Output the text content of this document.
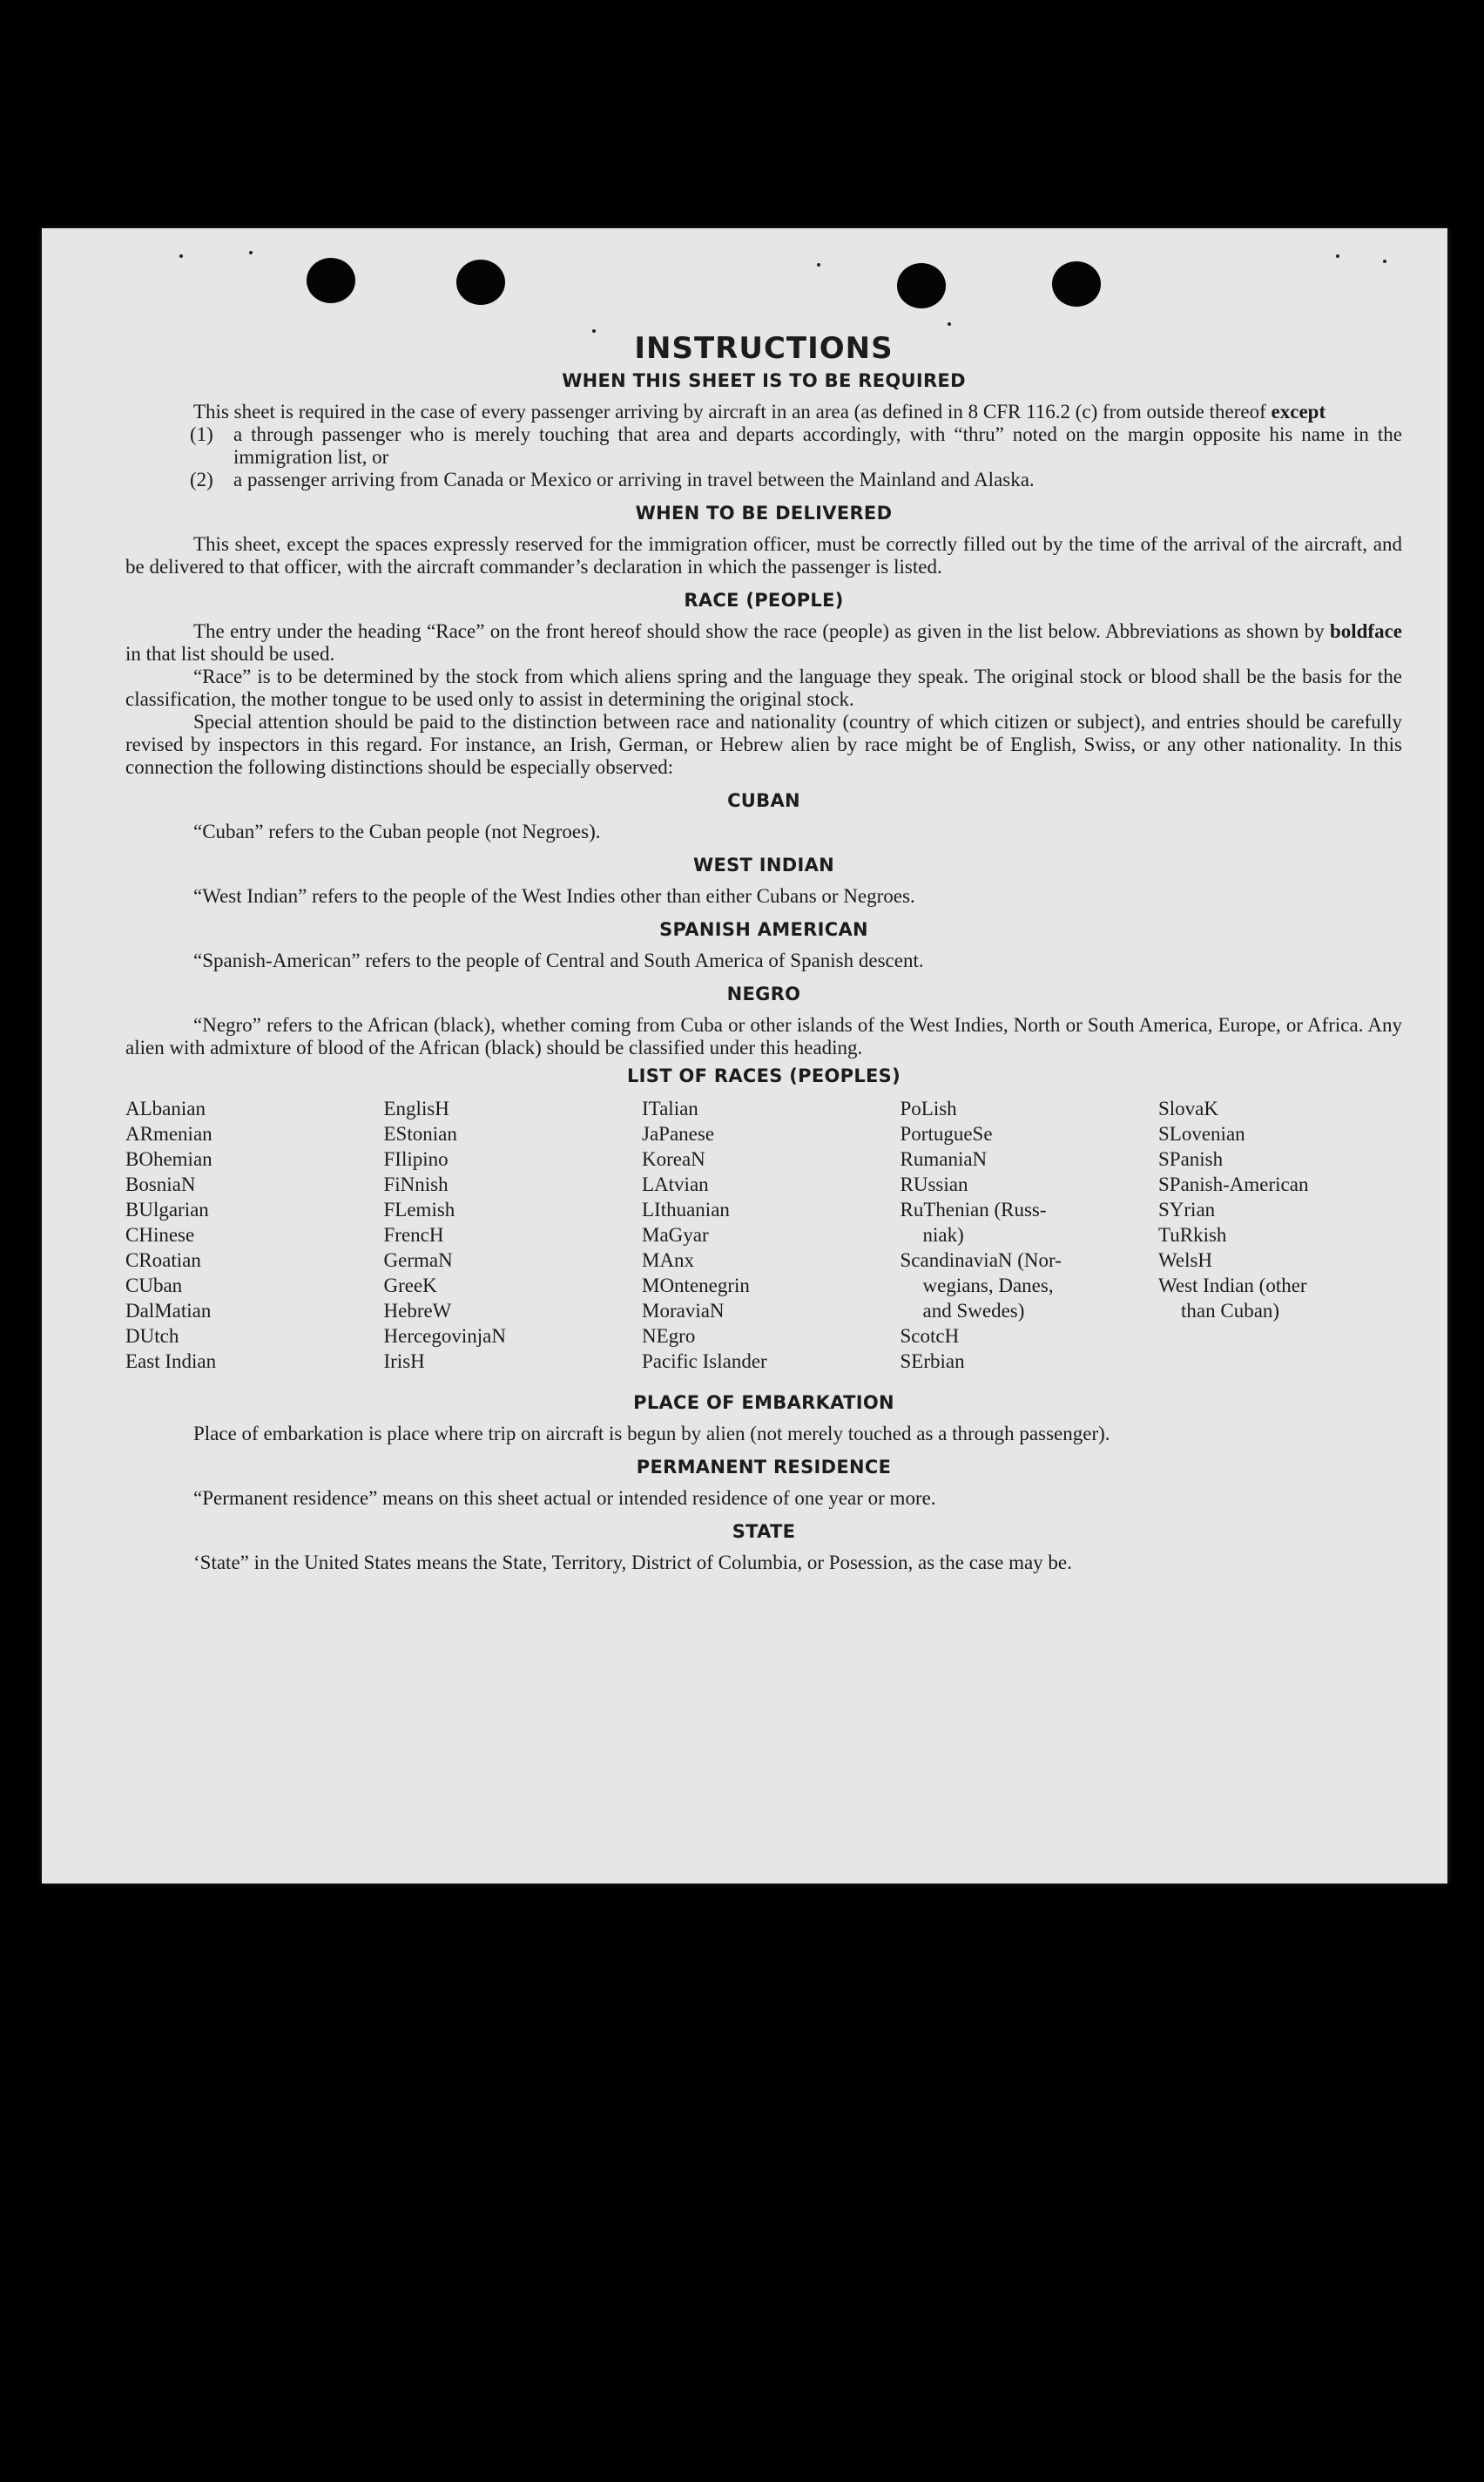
INSTRUCTIONS
WHEN THIS SHEET IS TO BE REQUIRED

This sheet is required in the case of every passenger arriving by aircraft in an area (as defined in 8 CFR 116.2 (c) from outside thereof except

(1) a through passenger who is merely touching that area and departs accordingly, with “thru” noted on the margin opposite his name in the immigration list, or
(2) a passenger arriving from Canada or Mexico or arriving in travel between the Mainland and Alaska.
WHEN TO BE DELIVERED

This sheet, except the spaces expressly reserved for the immigration officer, must be correctly filled out by the time of the arrival of the aircraft, and be delivered to that officer, with the aircraft commander’s declaration in which the passenger is listed.

RACE (PEOPLE)

The entry under the heading “Race” on the front hereof should show the race (people) as given in the list below. Abbreviations as shown by boldface in that list should be used.

“Race” is to be determined by the stock from which aliens spring and the language they speak. The original stock or blood shall be the basis for the classification, the mother tongue to be used only to assist in determining the original stock.

Special attention should be paid to the distinction between race and nationality (country of which citizen or subject), and entries should be carefully revised by inspectors in this regard. For instance, an Irish, German, or Hebrew alien by race might be of English, Swiss, or any other nationality. In this connection the following distinctions should be especially observed:

CUBAN

“Cuban” refers to the Cuban people (not Negroes).

WEST INDIAN

“West Indian” refers to the people of the West Indies other than either Cubans or Negroes.

SPANISH AMERICAN

“Spanish-American” refers to the people of Central and South America of Spanish descent.

NEGRO

“Negro” refers to the African (black), whether coming from Cuba or other islands of the West Indies, North or South America, Europe, or Africa. Any alien with admixture of blood of the African (black) should be classified under this heading.

LIST OF RACES (PEOPLES)
ALbanian
ARmenian
BOhemian
BosniaN
BUlgarian
CHinese
CRoatian
CUban
DalMatian
DUtch
East Indian
EnglisH
EStonian
FIlipino
FiNnish
FLemish
FrencH
GermaN
GreeK
HebreW
HercegovinjaN
IrisH
ITalian
JaPanese
KoreaN
LAtvian
LIthuanian
MaGyar
MAnx
MOntenegrin
MoraviaN
NEgro
Pacific Islander
PoLish
PortugueSe
RumaniaN
RUssian
RuThenian (Russ-
niak)
ScandinaviaN (Nor-
wegians, Danes,
and Swedes)
ScotcH
SErbian
SlovaK
SLovenian
SPanish
SPanish-American
SYrian
TuRkish
WelsH
West Indian (other
than Cuban)
PLACE OF EMBARKATION

Place of embarkation is place where trip on aircraft is begun by alien (not merely touched as a through passenger).

PERMANENT RESIDENCE

“Permanent residence” means on this sheet actual or intended residence of one year or more.

STATE

‘State” in the United States means the State, Territory, District of Columbia, or Posession, as the case may be.
